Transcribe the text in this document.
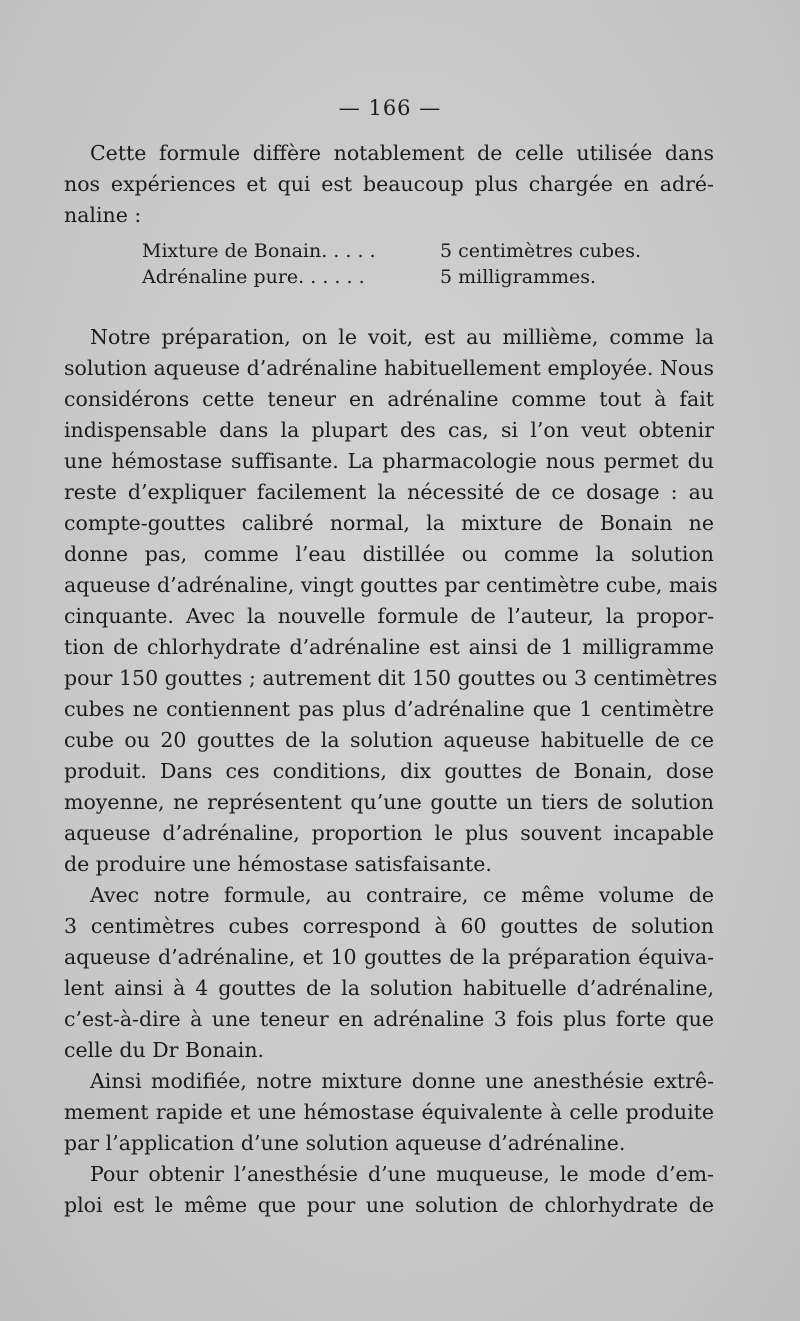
— 166 —
Cette formule diffère notablement de celle utilisée dans
nos expériences et qui est beaucoup plus chargée en adré-
naline :
Mixture de Bonain. . . . .	5 centimètres cubes.
Adrénaline pure. . . . . .	5 milligrammes.
Notre préparation, on le voit, est au millième, comme la
solution aqueuse d’adrénaline habituellement employée. Nous
considérons cette teneur en adrénaline comme tout à fait
indispensable dans la plupart des cas, si l’on veut obtenir
une hémostase suffisante. La pharmacologie nous permet du
reste d’expliquer facilement la nécessité de ce dosage : au
compte-gouttes calibré normal, la mixture de Bonain ne
donne pas, comme l’eau distillée ou comme la solution
aqueuse d’adrénaline, vingt gouttes par centimètre cube, mais
cinquante. Avec la nouvelle formule de l’auteur, la propor-
tion de chlorhydrate d’adrénaline est ainsi de 1 milligramme
pour 150 gouttes ; autrement dit 150 gouttes ou 3 centimètres
cubes ne contiennent pas plus d’adrénaline que 1 centimètre
cube ou 20 gouttes de la solution aqueuse habituelle de ce
produit. Dans ces conditions, dix gouttes de Bonain, dose
moyenne, ne représentent qu’une goutte un tiers de solution
aqueuse d’adrénaline, proportion le plus souvent incapable
de produire une hémostase satisfaisante.
Avec notre formule, au contraire, ce même volume de
3 centimètres cubes correspond à 60 gouttes de solution
aqueuse d’adrénaline, et 10 gouttes de la préparation équiva-
lent ainsi à 4 gouttes de la solution habituelle d’adrénaline,
c’est-à-dire à une teneur en adrénaline 3 fois plus forte que
celle du Dr Bonain.
Ainsi modifiée, notre mixture donne une anesthésie extrê-
mement rapide et une hémostase équivalente à celle produite
par l’application d’une solution aqueuse d’adrénaline.
Pour obtenir l’anesthésie d’une muqueuse, le mode d’em-
ploi est le même que pour une solution de chlorhydrate de
